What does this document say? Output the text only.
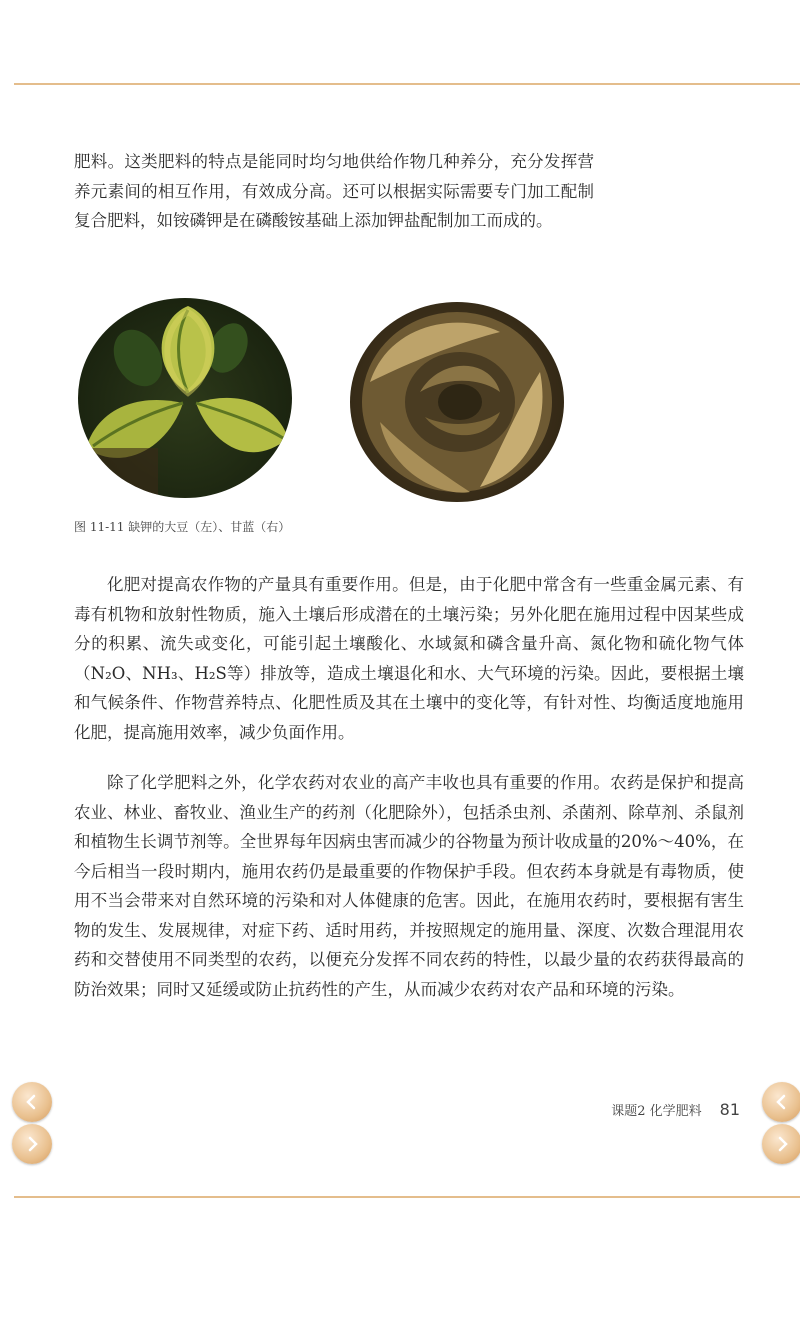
肥料。这类肥料的特点是能同时均匀地供给作物几种养分，充分发挥营养元素间的相互作用，有效成分高。还可以根据实际需要专门加工配制复合肥料，如铵磷钾是在磷酸铵基础上添加钾盐配制加工而成的。

图 11-11 缺钾的大豆（左）、甘蓝（右）

化肥对提高农作物的产量具有重要作用。但是，由于化肥中常含有一些重金属元素、有毒有机物和放射性物质，施入土壤后形成潜在的土壤污染；另外化肥在施用过程中因某些成分的积累、流失或变化，可能引起土壤酸化、水域氮和磷含量升高、氮化物和硫化物气体（N₂O、NH₃、H₂S等）排放等，造成土壤退化和水、大气环境的污染。因此，要根据土壤和气候条件、作物营养特点、化肥性质及其在土壤中的变化等，有针对性、均衡适度地施用化肥，提高施用效率，减少负面作用。

除了化学肥料之外，化学农药对农业的高产丰收也具有重要的作用。农药是保护和提高农业、林业、畜牧业、渔业生产的药剂（化肥除外），包括杀虫剂、杀菌剂、除草剂、杀鼠剂和植物生长调节剂等。全世界每年因病虫害而减少的谷物量为预计收成量的20%～40%，在今后相当一段时期内，施用农药仍是最重要的作物保护手段。但农药本身就是有毒物质，使用不当会带来对自然环境的污染和对人体健康的危害。因此，在施用农药时，要根据有害生物的发生、发展规律，对症下药、适时用药，并按照规定的施用量、深度、次数合理混用农药和交替使用不同类型的农药，以便充分发挥不同农药的特性，以最少量的农药获得最高的防治效果；同时又延缓或防止抗药性的产生，从而减少农药对农产品和环境的污染。

课题2 化学肥料 81
